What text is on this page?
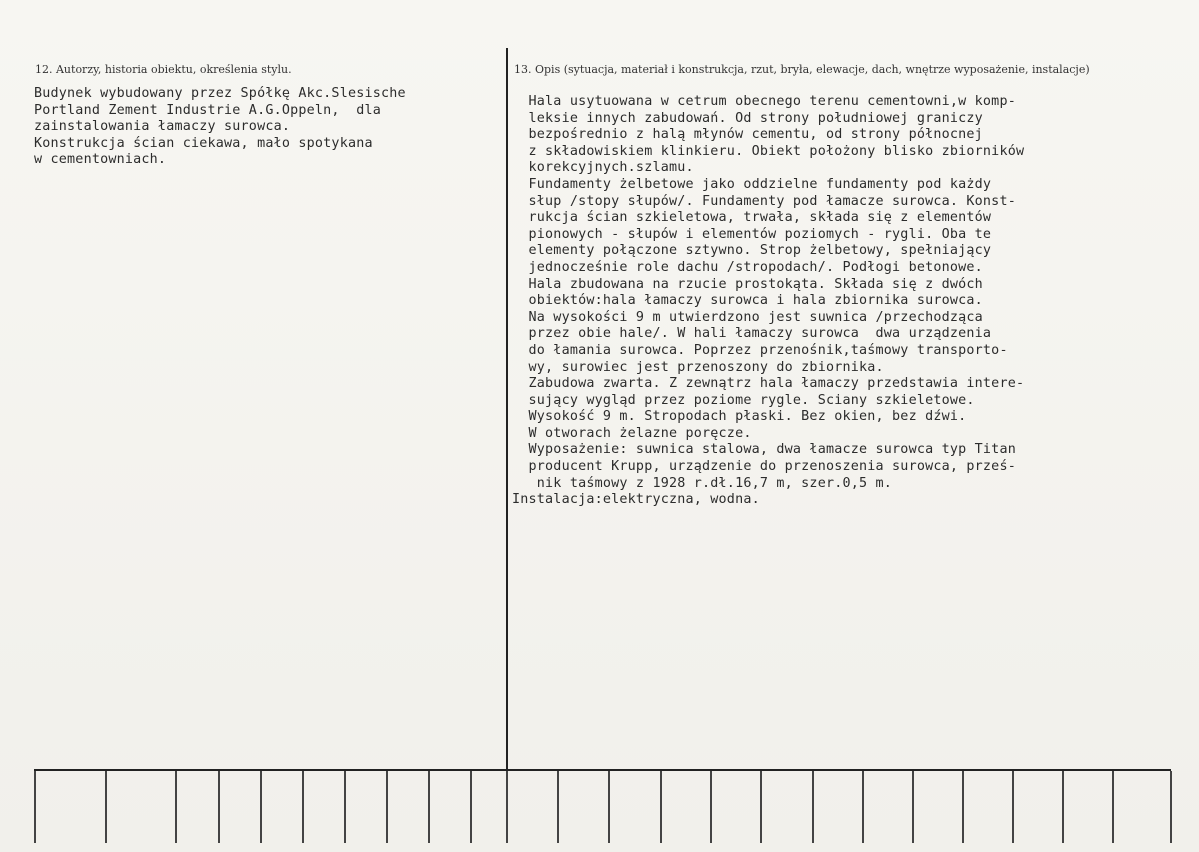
12. Autorzy, historia obiektu, określenia stylu.
Budynek wybudowany przez Spółkę Akc.Slesische
Portland Zement Industrie A.G.Oppeln,  dla
zainstalowania łamaczy surowca.
Konstrukcja ścian ciekawa, mało spotykana
w cementowniach.
13. Opis (sytuacja, materiał i konstrukcja, rzut, bryła, elewacje, dach, wnętrze wyposażenie, instalacje)
Hala usytuowana w cetrum obecnego terenu cementowni,w komp-
leksie innych zabudowań. Od strony południowej graniczy
bezpośrednio z halą młynów cementu, od strony północnej
z składowiskiem klinkieru. Obiekt położony blisko zbiorników
korekcyjnych.szlamu.
Fundamenty żelbetowe jako oddzielne fundamenty pod każdy
słup /stopy słupów/. Fundamenty pod łamacze surowca. Konst-
rukcja ścian szkieletowa, trwała, składa się z elementów
pionowych - słupów i elementów poziomych - rygli. Oba te
elementy połączone sztywno. Strop żelbetowy, spełniający
jednocześnie role dachu /stropodach/. Podłogi betonowe.
Hala zbudowana na rzucie prostokąta. Składa się z dwóch
obiektów:hala łamaczy surowca i hala zbiornika surowca.
Na wysokości 9 m utwierdzono jest suwnica /przechodząca
przez obie hale/. W hali łamaczy surowca  dwa urządzenia
do łamania surowca. Poprzez przenośnik,taśmowy transporto-
wy, surowiec jest przenoszony do zbiornika.
Zabudowa zwarta. Z zewnątrz hala łamaczy przedstawia intere-
sujący wygląd przez poziome rygle. Sciany szkieletowe.
Wysokość 9 m. Stropodach płaski. Bez okien, bez dźwi.
W otworach żelazne poręcze.
Wyposażenie: suwnica stalowa, dwa łamacze surowca typ Titan
producent Krupp, urządzenie do przenoszenia surowca, prześ-
nik taśmowy z 1928 r.dł.16,7 m, szer.0,5 m.
Instalacja:elektryczna, wodna.
